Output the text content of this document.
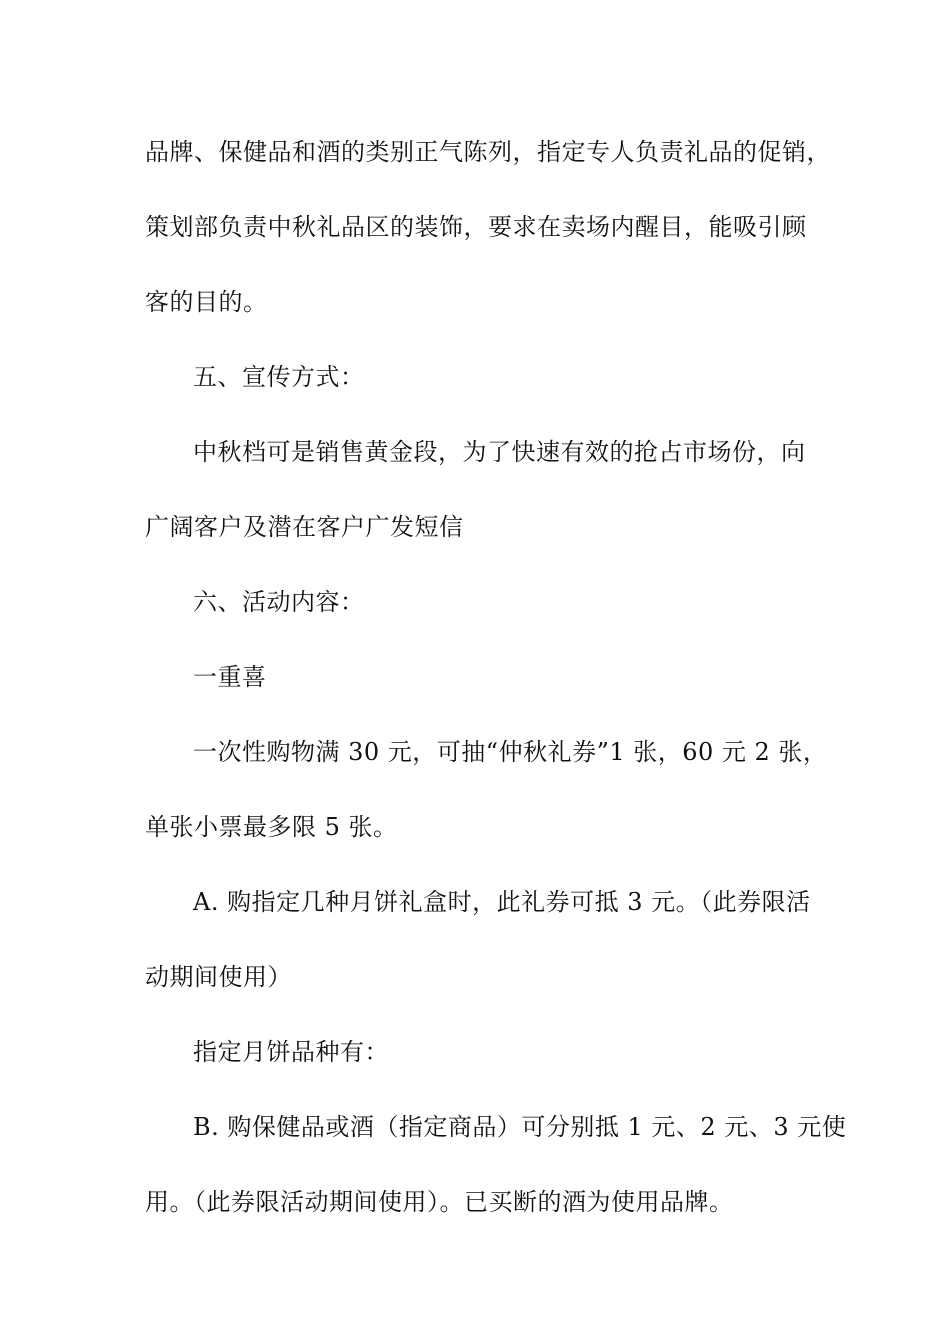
品牌、保健品和酒的类别正气陈列，指定专人负责礼品的促销，
策划部负责中秋礼品区的装饰，要求在卖场内醒目，能吸引顾
客的目的。
五、宣传方式：
中秋档可是销售黄金段，为了快速有效的抢占市场份，向
广阔客户及潜在客户广发短信
六、活动内容：
一重喜
一次性购物满 30 元，可抽“仲秋礼券”1 张，60 元 2 张，
单张小票最多限 5 张。
A. 购指定几种月饼礼盒时，此礼券可抵 3 元。（此券限活
动期间使用）
指定月饼品种有：
B. 购保健品或酒（指定商品）可分别抵 1 元、2 元、3 元使
用。（此券限活动期间使用）。已买断的酒为使用品牌。
